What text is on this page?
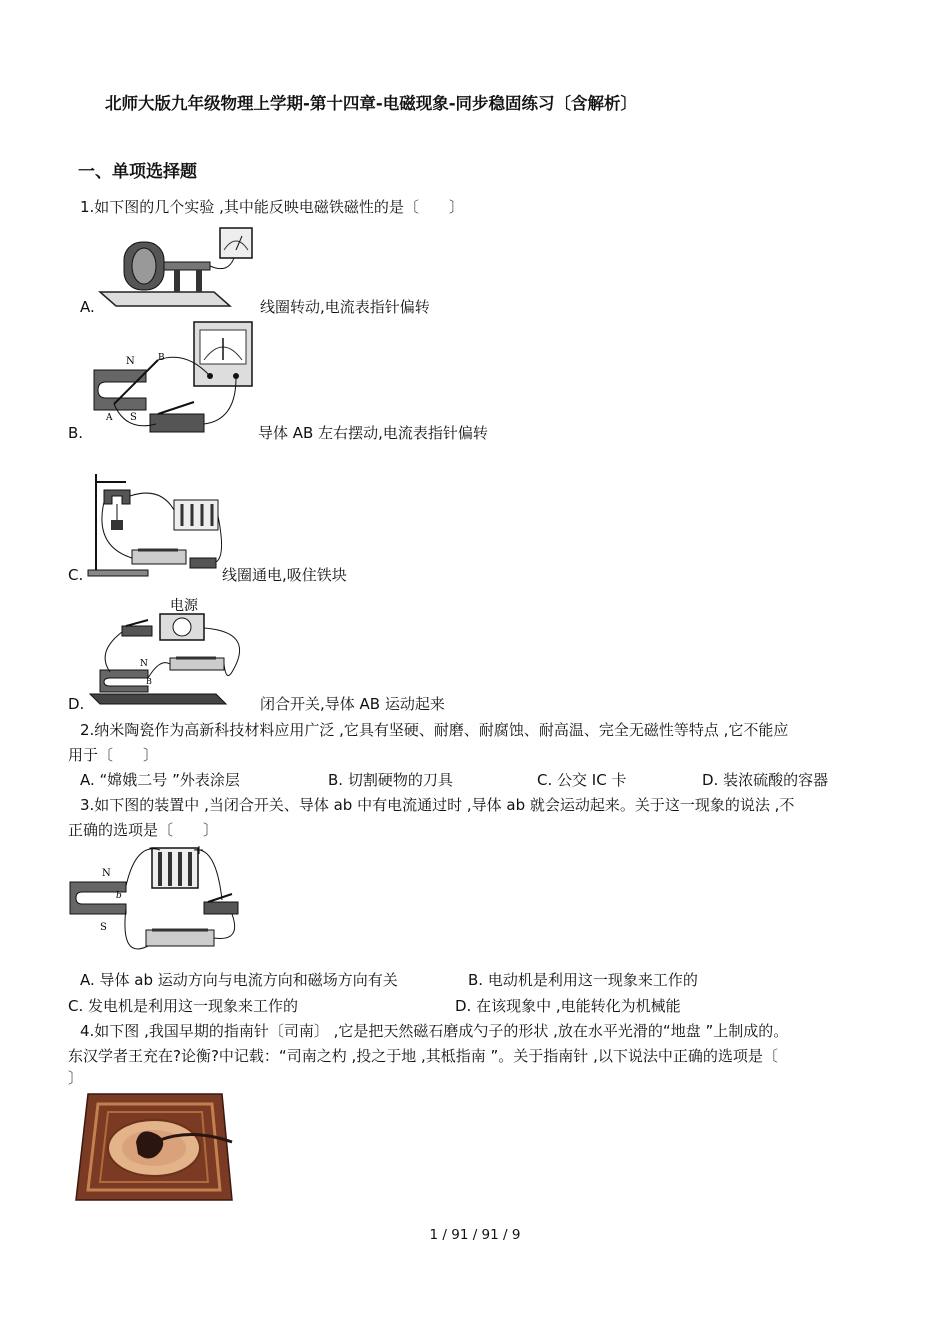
北师大版九年级物理上学期-第十四章-电磁现象-同步稳固练习〔含解析〕
一、单项选择题
1.如下图的几个实验 ,其中能反映电磁铁磁性的是〔　　〕
A.	线圈转动,电流表指针偏转
N
S
B
A
B.	导体 AB 左右摆动,电流表指针偏转
C.	线圈通电,吸住铁块
电源
N
B
D.	闭合开关,导体 AB 运动起来
2.纳米陶瓷作为高新科技材料应用广泛 ,它具有坚硬、耐磨、耐腐蚀、耐高温、完全无磁性等特点 ,它不能应
用于〔　　〕
A. “嫦娥二号 ”外表涂层	B. 切割硬物的刀具	C. 公交 IC 卡	D. 装浓硫酸的容器
3.如下图的装置中 ,当闭合开关、导体 ab 中有电流通过时 ,导体 ab 就会运动起来。关于这一现象的说法 ,不
正确的选项是〔　　〕
−	+
N
b
S
A. 导体 ab 运动方向与电流方向和磁场方向有关	B. 电动机是利用这一现象来工作的
C. 发电机是利用这一现象来工作的	D. 在该现象中 ,电能转化为机械能
4.如下图 ,我国早期的指南针〔司南〕 ,它是把天然磁石磨成勺子的形状 ,放在水平光滑的“地盘 ”上制成的。
东汉学者王充在?论衡?中记载：“司南之杓 ,投之于地 ,其柢指南 ”。关于指南针 ,以下说法中正确的选项是〔
〕
1 / 91 / 91 / 9
